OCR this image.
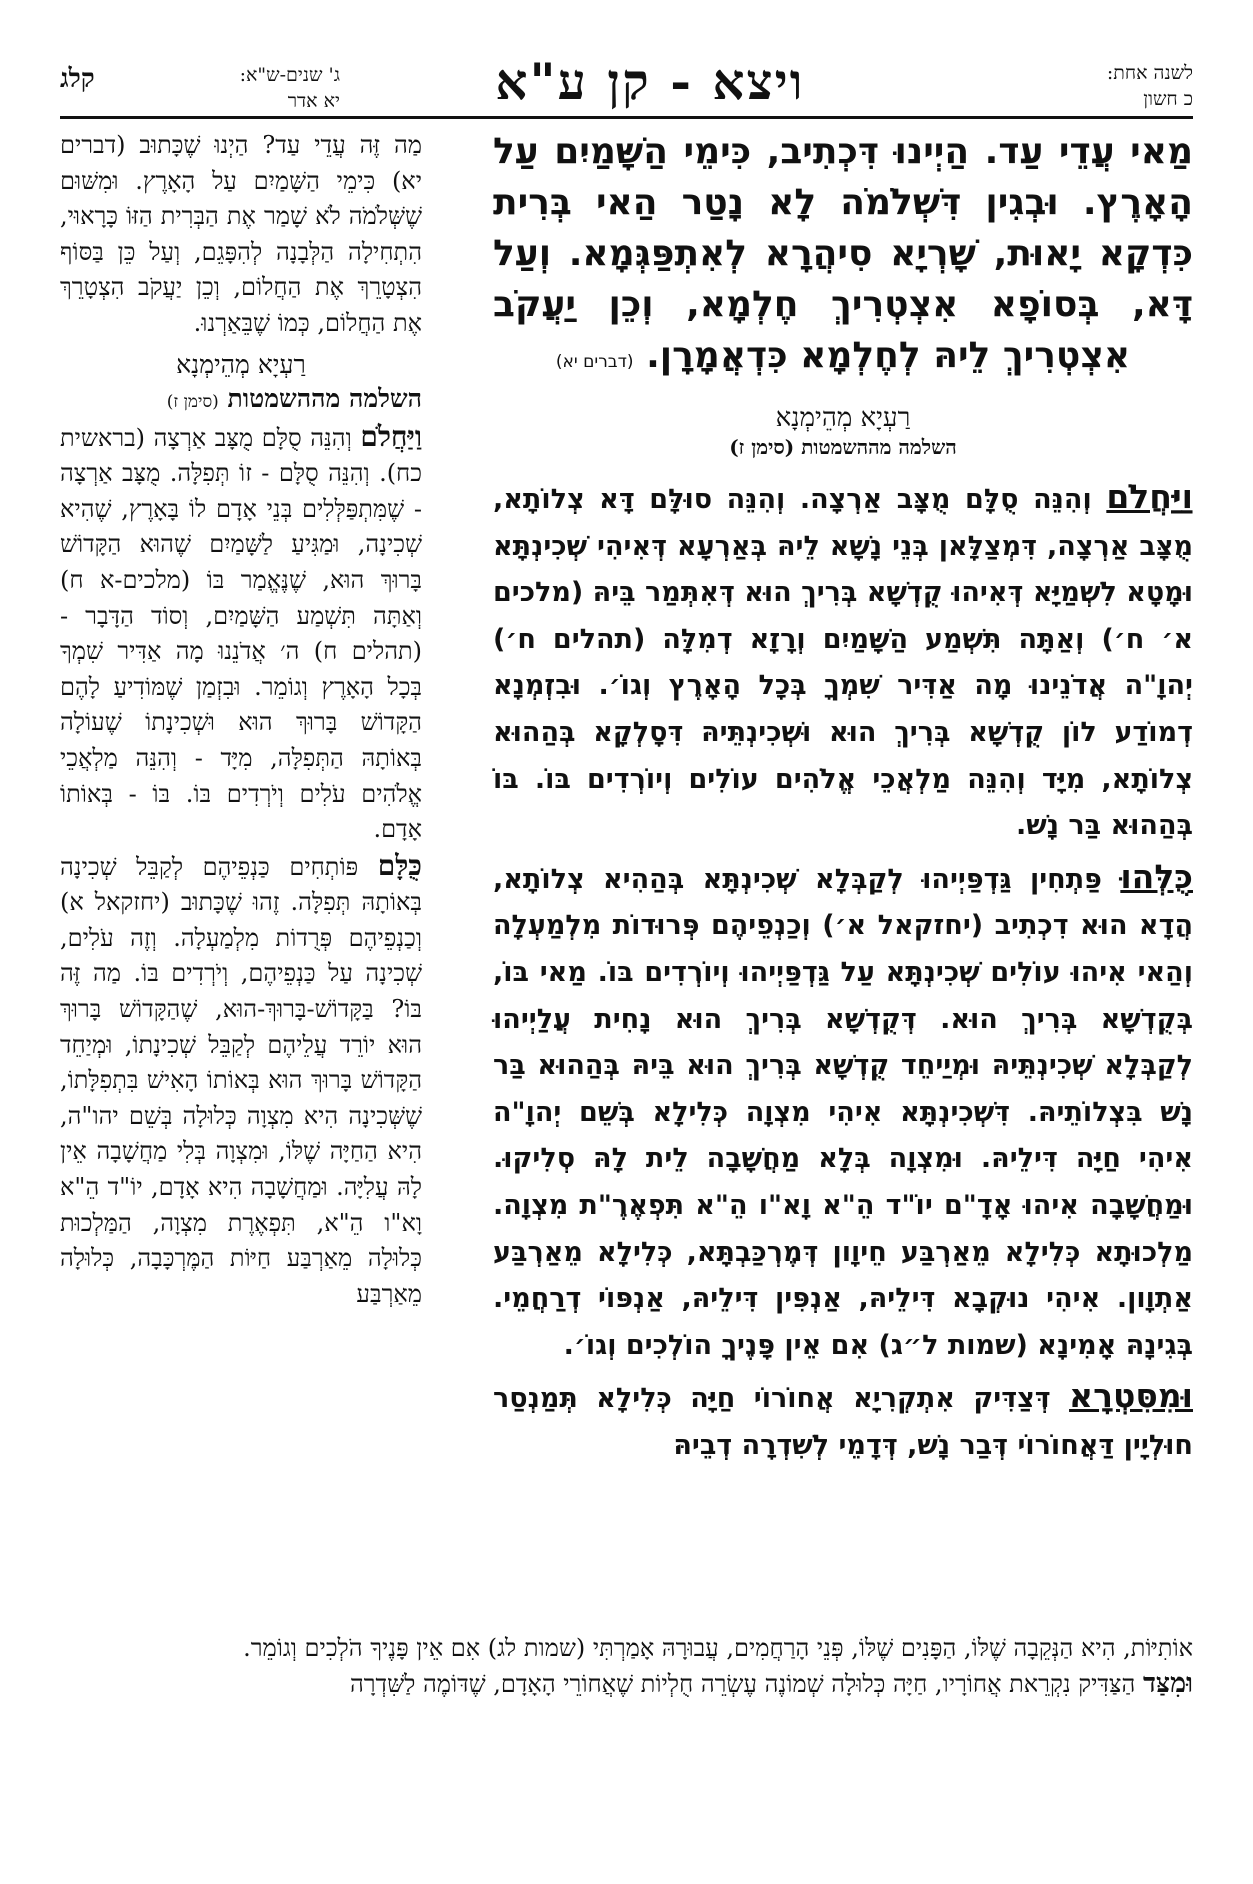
לשנה אחת:
כ חשון
ויצא - קן ע"א
קלג	ג' שנים-ש"א:
יא אדר

מַאי עֲדֵי עַד. הַיְינוּ דִּכְתִיב, כִּימֵי הַשָּׁמַיִם עַל הָאָרֶץ. וּבְגִין דִּשְׁלֹמֹה לָא נָטַר הַאי בְּרִית כִּדְקָא יָאוּת, שָׁרְיָא סִיהֲרָא לְאִתְפַּגְּמָא. וְעַל דָּא, בְּסוֹפָא אִצְטְרִיךְ חֶלְמָא, וְכֵן יַעֲקֹב אִצְטְרִיךְ לֵיהּ לְחֶלְמָא כִּדְאֲמָרָן. (דברים יא)

רַעְיָא מְהֵימְנָא

השלמה מההשמטות (סימן ז)

וַיַּחֲלֹם וְהִנֵּה סֻלָּם מֻצָּב אַרְצָה. וְהִנֵּה סוּלָּם דָּא צְלוֹתָא, מֻצָּב אַרְצָה, דִּמְצַלָּאן בְּנֵי נָשָׁא לֵיהּ בְּאַרְעָא דְּאִיהִי שְׁכִינְתָּא וּמָטָא לִשְׁמַיָּא דְּאִיהוּ קֻדְשָׁא בְּרִיךְ הוּא דְּאִתְּמַר בֵּיהּ (מלכים א׳ ח׳) וְאַתָּה תִּשְׁמַע הַשָּׁמַיִם וְרָזָא דְמִלָּה (תהלים ח׳) יְהוָ"ה אֲדֹנֵינוּ מָה אַדִּיר שִׁמְךָ בְּכָל הָאָרֶץ וְגוֹ׳. וּבִזְמְנָא דְמוֹדַע לוֹן קֻדְשָׁא בְּרִיךְ הוּא וּשְׁכִינְתֵּיהּ דִּסָלְקָא בְּהַהוּא צְלוֹתָא, מִיָּד וְהִנֵּה מַלְאֲכֵי אֱלֹהִים עוֹלִים וְיוֹרְדִים בּוֹ. בּוֹ בְּהַהוּא בַּר נָשׁ.

כֻּלְּהוּ פַּתְחִין גַּדְפַּיְיהוּ לְקַבְּלָא שְׁכִינְתָּא בְּהַהִיא צְלוֹתָא, הֲדָא הוּא דִכְתִיב (יחזקאל א׳) וְכַנְפֵיהֶם פְּרוּדוֹת מִלְמַעְלָה וְהַאי אִיהוּ עוֹלִים שְׁכִינְתָּא עַל גַּדְפַּיְיהוּ וְיוֹרְדִים בּוֹ. מַאי בּוֹ, בְּקֻדְשָׁא בְּרִיךְ הוּא. דְּקֻדְשָׁא בְּרִיךְ הוּא נָחִית עֲלַיְיהוּ לְקַבְּלָא שְׁכִינְתֵּיהּ וּמְיַיחֵד קֻדְשָׁא בְּרִיךְ הוּא בֵּיהּ בְּהַהוּא בַּר נָשׁ בִּצְלוֹתֵיהּ. דִּשְׁכִינְתָּא אִיהִי מִצְוָה כְּלִילָא בְּשֵׁם יְהוָ"ה אִיהִי חַיָּה דִּילֵיהּ. וּמִצְוָה בְּלָא מַחֲשָׁבָה לֵית לָהּ סְלִיקוּ. וּמַחֲשָׁבָה אִיהוּ אָדָ"ם יוֹ"ד הֵ"א וָא"ו הֵ"א תִּפְאֶרֶ"ת מִצְוָה. מַלְכוּתָא כְּלִילָא מֵאַרְבַּע חֵיוָון דְּמֶרְכַּבְתָּא, כְּלִילָא מֵאַרְבַּע אַתְוָון. אִיהִי נוּקְבָא דִּילֵיהּ, אַנְפִּין דִּילֵיהּ, אַנְפּוֹי דְרַחֲמֵי. בְּגִינָהּ אָמִינָא (שמות ל״ג) אִם אֵין פָּנֶיךָ הוֹלְכִים וְגוֹ׳.

וּמִסִּטְרָא דְּצַדִּיק אִתְקְרִיָא אֲחוֹרוֹי חַיָּה כְּלִילָא תְּמַנְסַר חוּלְיָין דַּאֲחוֹרוֹי דְּבַר נָשׁ, דְּדָמֵי לְשִׁדְרָה דְבֵיהּ

מַה זֶּה עֲדֵי עַד? הַיְנוּ שֶׁכָּתוּב (דברים יא) כִּימֵי הַשָּׁמַיִם עַל הָאָרֶץ. וּמִשּׁוּם שֶׁשְּׁלֹמֹה לֹא שָׁמַר אֶת הַבְּרִית הַזּוֹ כָּרָאוּי, הִתְחִילָה הַלְּבָנָה לְהִפָּגֵם, וְעַל כֵּן בַּסּוֹף הִצְטָרֵךְ אֶת הַחֲלוֹם, וְכֵן יַעֲקֹב הִצְטָרֵךְ אֶת הַחֲלוֹם, כְּמוֹ שֶׁבֵּאַרְנוּ.

רַעְיָא מְהֵימְנָא

השלמה מההשמטות (סימן ז)

וַיַּחֲלֹם וְהִנֵּה סֻלָּם מֻצָּב אַרְצָה (בראשית כח). וְהִנֵּה סֻלָּם - זוֹ תְּפִלָּה. מֻצָּב אַרְצָה - שֶׁמִּתְפַּלְּלִים בְּנֵי אָדָם לוֹ בָּאָרֶץ, שֶׁהִיא שְׁכִינָה, וּמַגִּיעַ לַשָּׁמַיִם שֶׁהוּא הַקָּדוֹשׁ בָּרוּךְ הוּא, שֶׁנֶּאֱמַר בּוֹ (מלכים-א ח) וְאַתָּה תִּשְׁמַע הַשָּׁמַיִם, וְסוֹד הַדָּבָר - (תהלים ח) ה׳ אֲדֹנֵנוּ מָה אַדִּיר שִׁמְךָ בְּכָל הָאָרֶץ וְגוֹמֵר. וּבִזְמַן שֶׁמּוֹדִיעַ לָהֶם הַקָּדוֹשׁ בָּרוּךְ הוּא וּשְׁכִינָתוֹ שֶׁעוֹלָה בְּאוֹתָהּ הַתְּפִלָּה, מִיָּד - וְהִנֵּה מַלְאֲכֵי אֱלֹהִים עֹלִים וְיֹרְדִים בּוֹ. בּוֹ - בְּאוֹתוֹ אָדָם.

כֻּלָּם פּוֹתְחִים כַּנְפֵיהֶם לְקַבֵּל שְׁכִינָה בְּאוֹתָהּ תְּפִלָּה. זֶהוּ שֶׁכָּתוּב (יחזקאל א) וְכַנְפֵיהֶם פְּרֻדוֹת מִלְמַעְלָה. וְזֶה עֹלִים, שְׁכִינָה עַל כַּנְפֵיהֶם, וְיֹרְדִים בּוֹ. מַה זֶּה בּוֹ? בַּקָּדוֹשׁ-בָּרוּךְ-הוּא, שֶׁהַקָּדוֹשׁ בָּרוּךְ הוּא יוֹרֵד עֲלֵיהֶם לְקַבֵּל שְׁכִינָתוֹ, וּמְיַחֵד הַקָּדוֹשׁ בָּרוּךְ הוּא בְּאוֹתוֹ הָאִישׁ בִּתְפִלָּתוֹ, שֶׁשְּׁכִינָה הִיא מִצְוָה כְּלוּלָה בְּשֵׁם יהו"ה, הִיא הַחַיָּה שֶׁלּוֹ, וּמִצְוָה בְּלִי מַחֲשָׁבָה אֵין לָהּ עֲלִיָּה. וּמַחֲשָׁבָה הִיא אָדָם, יוֹ"ד הֵ"א וָא"ו הֵ"א, תִּפְאֶרֶת מִצְוָה, הַמַּלְכוּת כְּלוּלָה מֵאַרְבַּע חַיּוֹת הַמֶּרְכָּבָה, כְּלוּלָה מֵאַרְבַּע

אוֹתִיּוֹת, הִיא הַנְּקֵבָה שֶׁלּוֹ, הַפָּנִים שֶׁלּוֹ, פְּנֵי הָרַחֲמִים, עֲבוּרָהּ אָמַרְתִּי (שמות לג) אִם אֵין פָּנֶיךָ הֹלְכִים וְגוֹמֵר.

וּמִצַּד הַצַּדִּיק נִקְרֵאת אֲחוֹרָיו, חַיָּה כְּלוּלָה שְׁמוֹנֶה עֶשְׂרֵה חֻלְיוֹת שֶׁאֲחוֹרֵי הָאָדָם, שֶׁדּוֹמֶה לַשִּׁדְרָה
